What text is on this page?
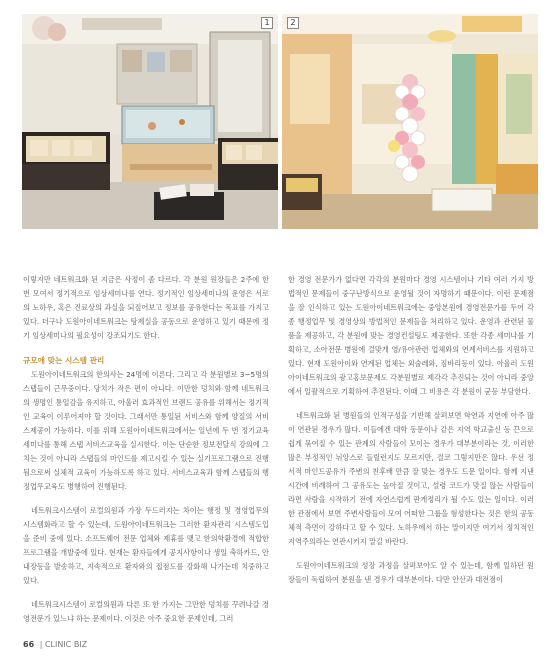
1	2

이렇지만 네트워크화 된 지금은 사정이 좀 다르다. 각 분원 원장들은 2주에 한번 모여서 정기적으로 임상세미나를 연다. 정기적인 임상세미나의 운영은 서로의 노하우, 혹은 진료상의 과실을 되짚어보고 정보를 공유한다는 목표를 가지고 있다. 더구나 도원아이네트워크는 탕제실을 공동으로 운영하고 있기 때문에 정기 임상세미나의 필요성이 강조되기도 한다.

규모에 맞는 시스템 관리

도원아이네트워크의 한의사는 24명에 이른다. 그리고 각 분원별로 3~5명의 스탭들이 근무중이다. 당치가 작은 편이 아니다. 이만한 덩치와 함께 네트워크의 생명인 통일감을 유지하고, 아울러 효과적인 브랜드 공유를 위해서는 정기적인 교육이 이루어져야 할 것이다. 그래서만 통일된 서비스와 함께 양질의 서비스제공이 가능하다. 이를 위해 도원아이네트워크에서는 일년에 두 번 정기교육세미나를 통해 스탭 서비스교육을 실시한다. 이는 단순한 정보전달식 강의에 그치는 것이 아니라 스탭들의 마인드를 제고시킬 수 있는 실기프로그램으로 진행됨으로써 실체적 교육이 가능하도록 하고 있다. 서비스교육과 함께 스탭들의 행정업무교육도 병행하여 진행된다.

네트워크시스템이 로컬의원과 가장 두드러지는 차이는 행정 및 경영업무의 시스템화라고 할 수 있는데, 도원아이네트워크는 그러한 환자관리 시스템도입을 준비 중에 있다. 소프트웨어 전문 업체와 제휴를 맺고 한의학환경에 적합한 프로그램을 개발중에 있다. 현재는 환자들에게 공지사항이나 생일 축하카드, 안내장등을 발송하고, 지속적으로 환자와의 접점도를 강화해 나가는데 치중하고 있다.

네트워크시스템이 로컬의원과 다른 또 한 가지는 그만한 덩치를 꾸려나갈 경영전문가 있느냐 하는 문제이다. 이것은 아주 중요한 문제인데, 그러

한 경영 전문가가 없다면 각각의 분원마다 경영 시스템이나 기타 여러 가지 방법적인 문제들이 중구난방식으로 운영될 것이 자명하기 때문이다. 이런 문제점을 잘 인식하고 있는 도원아이네트워크에는 중앙본원에 경영전문가를 두어 각종 행정업무 및 경영상의 방법적인 문제들을 처리하고 있다. 운영과 관련된 물품을 제공하고, 각 분원에 맞는 경영컨설팅도 제공한다. 또한 각종 세미나를 기획하고, 소아전문 병원에 걸맞게 영/유아관련 업체와의 연계서비스를 지원하고 있다. 현재 도원아이와 연계된 업체는 외술레와, 짐바리등이 있다. 아울러 도원아이네트워크의 광고홍보문제도 각분원별로 제각각 추진되는 것이 아니라 중앙에서 일괄적으로 기획하여 추진된다. 이때 그 비용은 각 분원이 균등 부담한다.

네트워크화 된 병원들의 인적구성을 기반해 살펴보면 학연과 지연에 아주 많이 연관된 경우가 많다. 이들에겐 대학 동문이나 같은 지역 학교출신 등 끈으로 쉽게 묶여질 수 있는 관계의 사람들이 모이는 경우가 대부분이라는 것, 이러한 많은 부정적인 뉘앙스로 들릴런지도 모르지만, 결코 그렇지만은 않다. 우선 정서적 마인드공유가 주변의 친후배 만큼 잘 맞는 경우도 드문 일이다. 함께 지낸 시간에 비례하여 그 공유도는 높아질 것이고, 설령 코드가 맞질 않는 사람들이라면 사람을 시작하기 전에 자연스럽게 판게정리가 될 수도 있는 일이다. 이러한 관점에서 보면 주변사람들이 모여 어떠한 그룹을 형성한다는 것은 한의 공동체적 측면이 강하다고 할 수 있다. 노하우에서 하는 말이지만 여기서 정치적인 지역주의라는 연관시키지 말길 바란다.

도원아이네트워크의 성장 과정을 살펴보아도 알 수 있는데, 함께 일하던 원장들이 독립하여 분원을 낸 경우가 대부분이다. 다만 안산과 대전점이

66 | CLINIC BIZ
